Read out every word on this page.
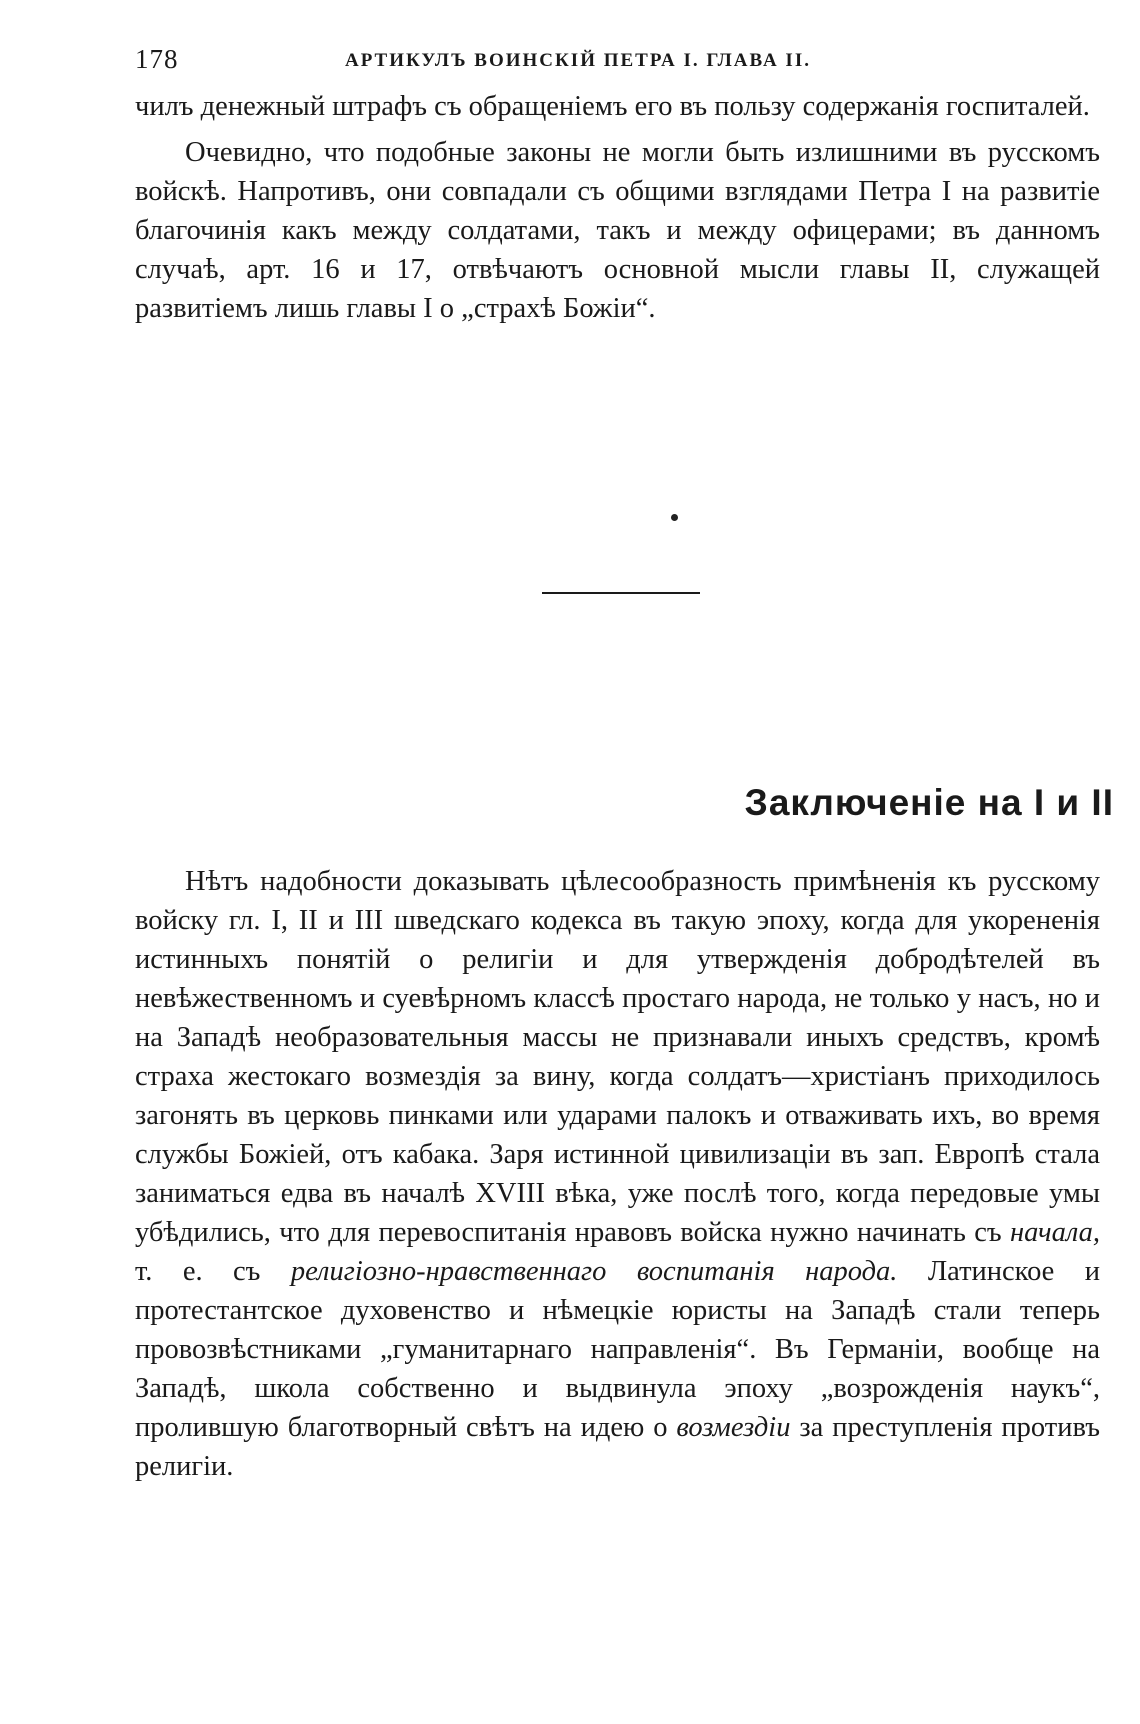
178	АРТИКУЛЪ ВОИНСКІЙ ПЕТРА I. ГЛАВА II.

чилъ денежный штрафъ съ обращеніемъ его въ пользу содержанія госпиталей.

Очевидно, что подобные законы не могли быть излишними въ русскомъ войскѣ. Напротивъ, они совпадали съ общими взглядами Петра I на развитіе благочинія какъ между солдатами, такъ и между офицерами; въ данномъ случаѣ, арт. 16 и 17, отвѣчаютъ основной мысли главы II, служащей развитіемъ лишь главы I о „страхѣ Божіи“.

Заключеніе на I и II

Нѣтъ надобности доказывать цѣлесообразность примѣненія къ русскому войску гл. I, II и III шведскаго кодекса въ такую эпоху, когда для укорененія истинныхъ понятій о религіи и для утвержденія добродѣтелей въ невѣжественномъ и суевѣрномъ классѣ простаго народа, не только у насъ, но и на Западѣ необразовательныя массы не признавали иныхъ средствъ, кромѣ страха жестокаго возмездія за вину, когда солдатъ—христіанъ приходилось загонять въ церковь пинками или ударами палокъ и отваживать ихъ, во время службы Божіей, отъ кабака. Заря истинной цивилизаціи въ зап. Европѣ стала заниматься едва въ началѣ XVIII вѣка, уже послѣ того, когда передовые умы убѣдились, что для перевоспитанія нравовъ войска нужно начинать съ начала, т. е. съ религіозно-нравственнаго воспитанія народа. Латинское и протестантское духовенство и нѣмецкіе юристы на Западѣ стали теперь провозвѣстниками „гуманитарнаго направленія“. Въ Германіи, вообще на Западѣ, школа собственно и выдвинула эпоху „возрожденія наукъ“, пролившую благотворный свѣтъ на идею о возмездіи за преступленія противъ религіи.
